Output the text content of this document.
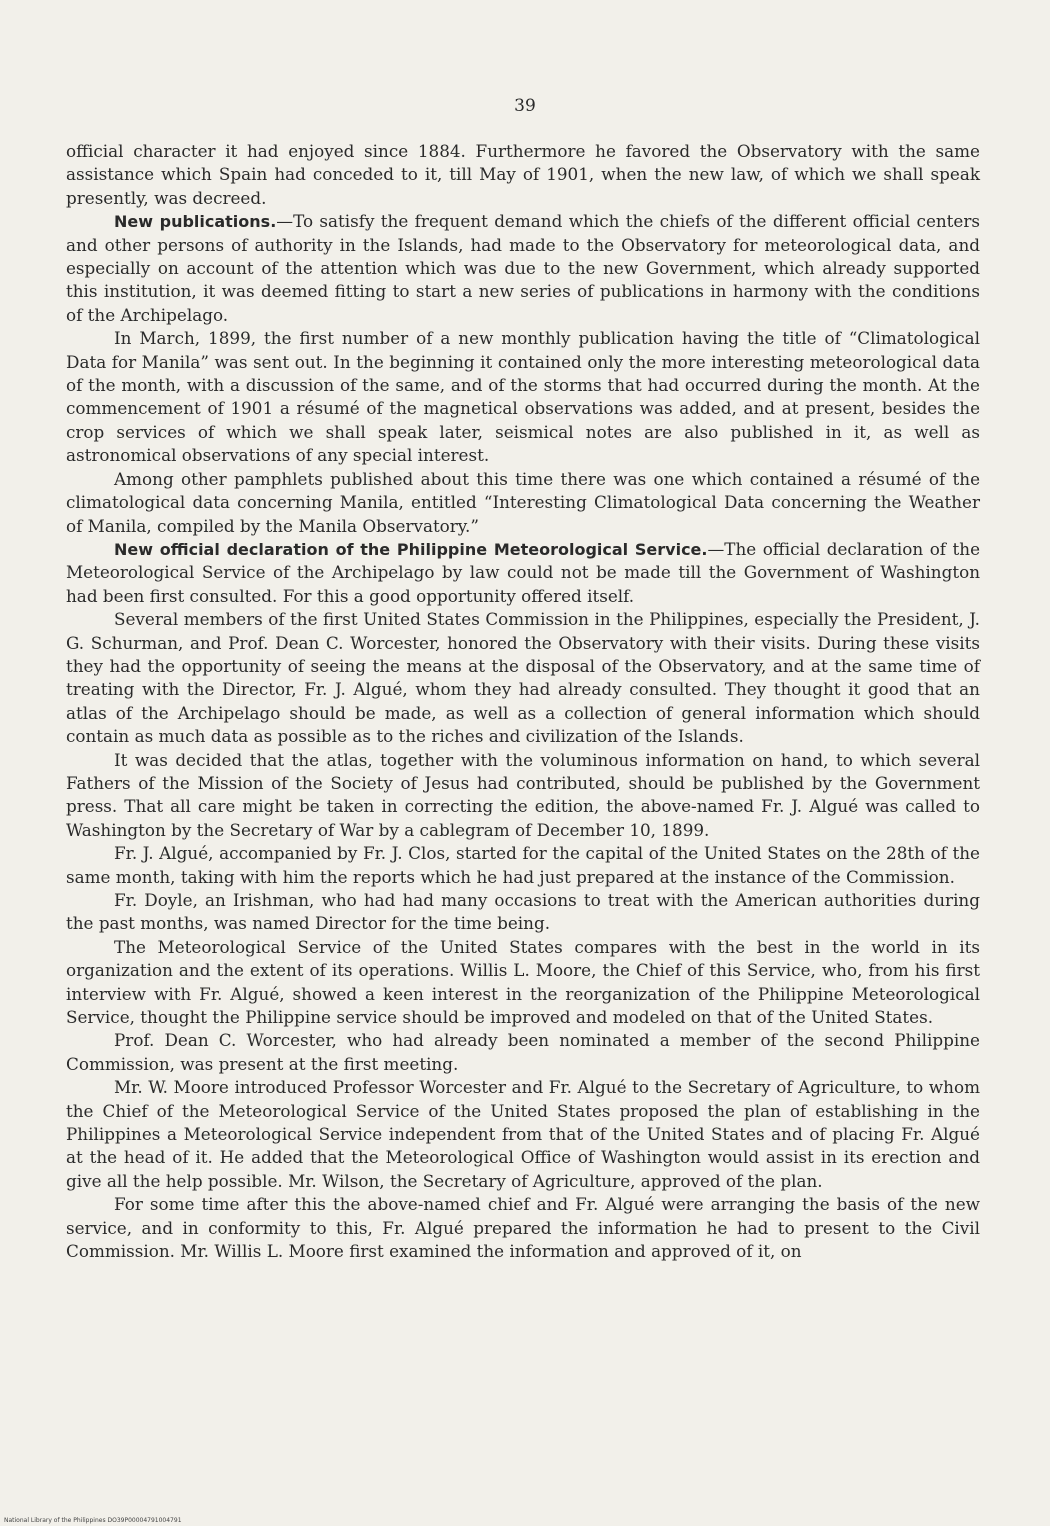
39

official character it had enjoyed since 1884. Furthermore he favored the Observatory with the same assistance which Spain had conceded to it, till May of 1901, when the new law, of which we shall speak presently, was decreed.

New publications.—To satisfy the frequent demand which the chiefs of the different official centers and other persons of authority in the Islands, had made to the Observatory for meteorological data, and especially on account of the attention which was due to the new Government, which already supported this institution, it was deemed fitting to start a new series of publications in harmony with the conditions of the Archipelago.

In March, 1899, the first number of a new monthly publication having the title of “Climatological Data for Manila” was sent out. In the beginning it contained only the more interesting meteorological data of the month, with a discussion of the same, and of the storms that had occurred during the month. At the commencement of 1901 a résumé of the magnetical observations was added, and at present, besides the crop services of which we shall speak later, seismical notes are also published in it, as well as astronomical observations of any special interest.

Among other pamphlets published about this time there was one which contained a résumé of the climatological data concerning Manila, entitled “Interesting Climatological Data concerning the Weather of Manila, compiled by the Manila Observatory.”

New official declaration of the Philippine Meteorological Service.—The official declaration of the Meteorological Service of the Archipelago by law could not be made till the Government of Washington had been first consulted. For this a good opportunity offered itself.

Several members of the first United States Commission in the Philippines, especially the President, J. G. Schurman, and Prof. Dean C. Worcester, honored the Observatory with their visits. During these visits they had the opportunity of seeing the means at the disposal of the Observatory, and at the same time of treating with the Director, Fr. J. Algué, whom they had already consulted. They thought it good that an atlas of the Archipelago should be made, as well as a collection of general information which should contain as much data as possible as to the riches and civilization of the Islands.

It was decided that the atlas, together with the voluminous information on hand, to which several Fathers of the Mission of the Society of Jesus had contributed, should be published by the Government press. That all care might be taken in correcting the edition, the above-named Fr. J. Algué was called to Washington by the Secretary of War by a cablegram of December 10, 1899.

Fr. J. Algué, accompanied by Fr. J. Clos, started for the capital of the United States on the 28th of the same month, taking with him the reports which he had just prepared at the instance of the Commission.

Fr. Doyle, an Irishman, who had had many occasions to treat with the American authorities during the past months, was named Director for the time being.

The Meteorological Service of the United States compares with the best in the world in its organization and the extent of its operations. Willis L. Moore, the Chief of this Service, who, from his first interview with Fr. Algué, showed a keen interest in the reorganization of the Philippine Meteorological Service, thought the Philippine service should be improved and modeled on that of the United States.

Prof. Dean C. Worcester, who had already been nominated a member of the second Philippine Commission, was present at the first meeting.

Mr. W. Moore introduced Professor Worcester and Fr. Algué to the Secretary of Agriculture, to whom the Chief of the Meteorological Service of the United States proposed the plan of establishing in the Philippines a Meteorological Service independent from that of the United States and of placing Fr. Algué at the head of it. He added that the Meteorological Office of Washington would assist in its erection and give all the help possible. Mr. Wilson, the Secretary of Agriculture, approved of the plan.

For some time after this the above-named chief and Fr. Algué were arranging the basis of the new service, and in conformity to this, Fr. Algué prepared the information he had to present to the Civil Commission. Mr. Willis L. Moore first examined the information and approved of it, on

National Library of the Philippines DO39P00004791004791
